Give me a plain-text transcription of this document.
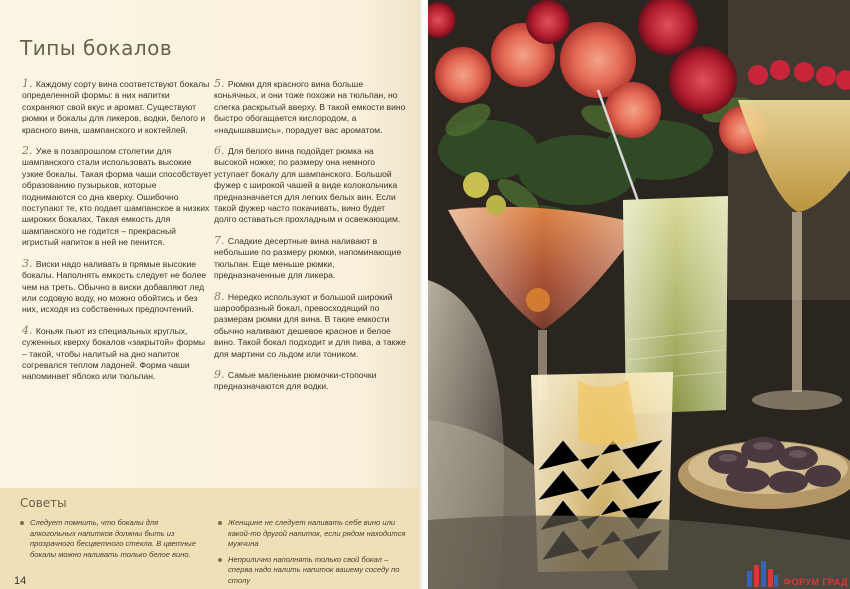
Типы бокалов

1. Каждому сорту вина соответствуют бокалы определенной формы: в них напитки сохраняют свой вкус и аромат. Существуют рюмки и бокалы для ликеров, водки, белого и красного вина, шампанского и коктейлей.

2. Уже в позапрошлом столетии для шампанского стали использовать высокие узкие бокалы. Такая форма чаши способствует образованию пузырьков, которые поднимаются со дна кверху. Ошибочно поступают те, кто подает шампанское в низких широких бокалах. Такая емкость для шампанского не годится – прекрасный игристый напиток в ней не пенится.

3. Виски надо наливать в прямые высокие бокалы. Наполнять емкость следует не более чем на треть. Обычно в виски добавляют лед или содовую воду, но можно обойтись и без них, исходя из собственных предпочтений.

4. Коньяк пьют из специальных круглых, суженных кверху бокалов «закрытой» формы – такой, чтобы налитый на дно напиток согревался теплом ладоней. Форма чаши напоминает яблоко или тюльпан.

5. Рюмки для красного вина больше коньячных, и они тоже похожи на тюльпан, но слегка раскрытый вверху. В такой емкости вино быстро обогащается кислородом, а «надышавшись», порадует вас ароматом.

6. Для белого вина подойдет рюмка на высокой ножке; по размеру она немного уступает бокалу для шампанского. Большой фужер с широкой чашей в виде колокольчика предназначается для легких белых вин. Если такой фужер часто покачивать, вино будет долго оставаться прохладным и освежающим.

7. Сладкие десертные вина наливают в небольшие по размеру рюмки, напоминающие тюльпан. Еще меньше рюмки, предназначенные для ликера.

8. Нередко используют и большой широкий шарообразный бокал, превосходящий по размерам рюмки для вина. В такие емкости обычно наливают дешевое красное и белое вино. Такой бокал подходит и для пива, а также для мартини со льдом или тоником.

9. Самые маленькие рюмочки-стопочки предназначаются для водки.

Советы

Следует помнить, что бокалы для алкогольных напитков должны быть из прозрачного бесцветного стекла. В цветные бокалы можно наливать только белое вино.

Женщине не следует наливать себе вино или какой-то другой напиток, если рядом находится мужчина

Неприлично наполнять только свой бокал – сперва надо налить напиток вашему соседу по столу

14	ФОРУМ ГРАД
